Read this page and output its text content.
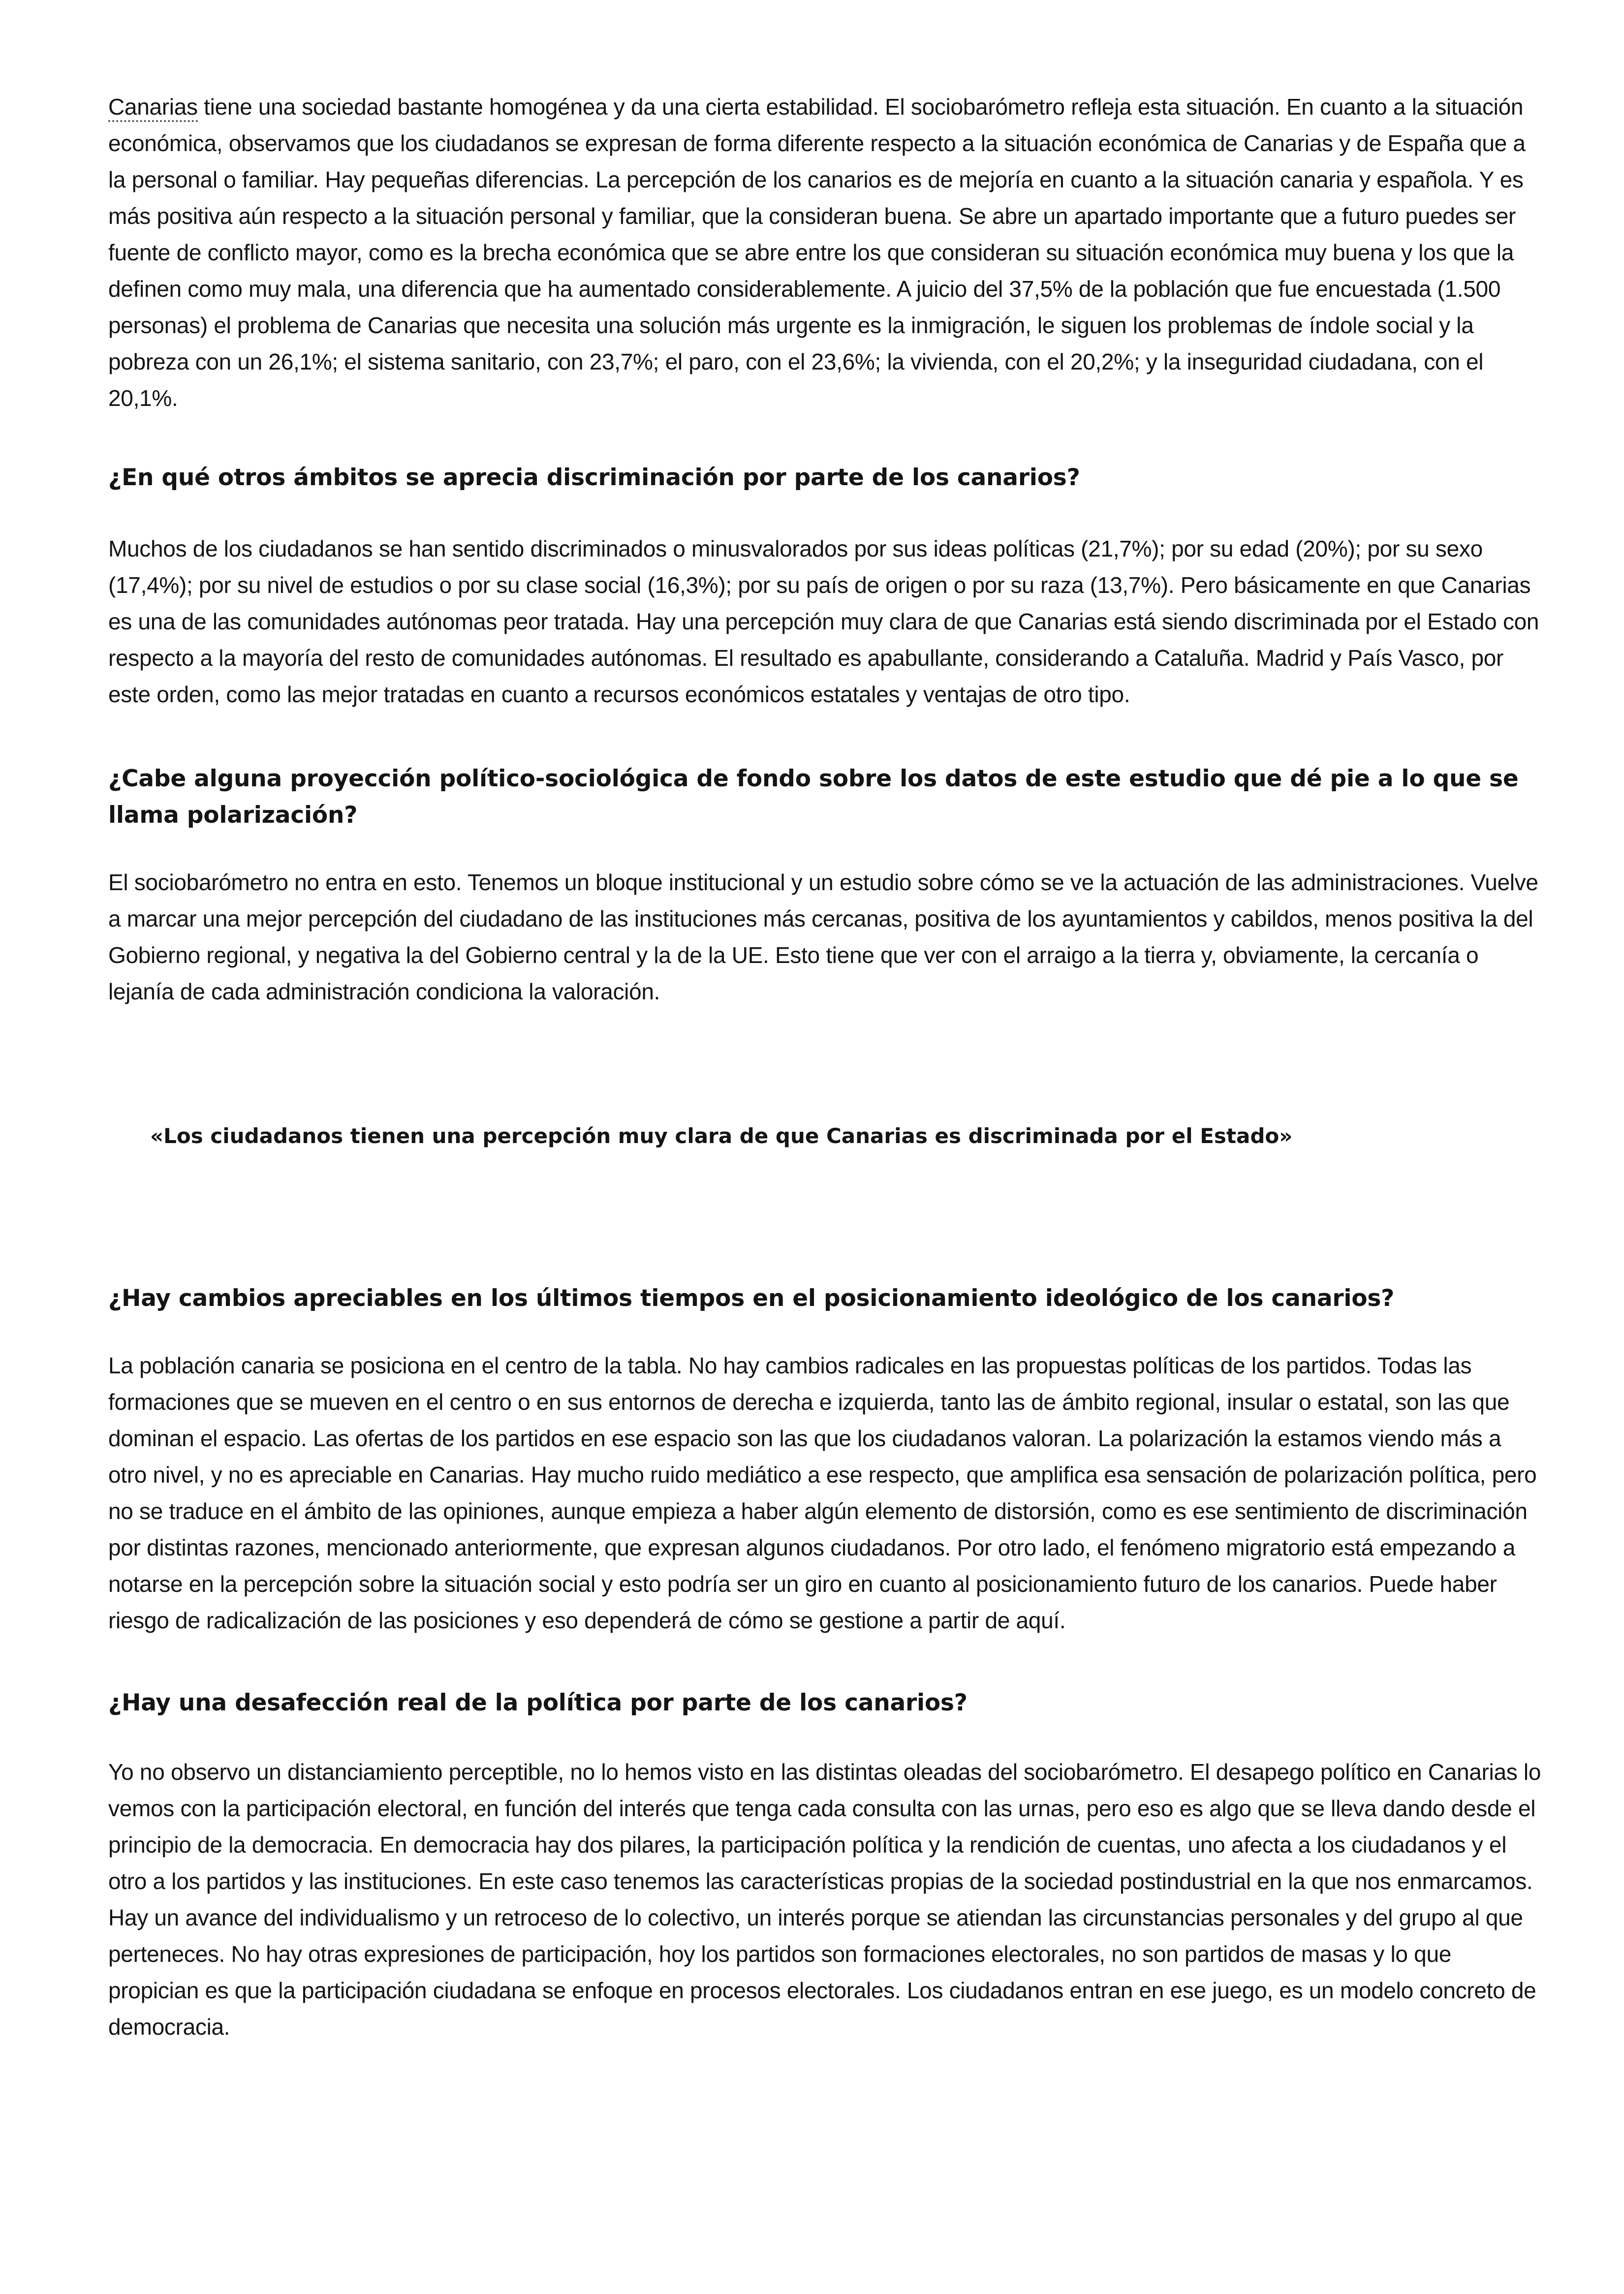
Canarias tiene una sociedad bastante homogénea y da una cierta estabilidad. El sociobarómetro refleja esta situación. En cuanto a la situación económica, observamos que los ciudadanos se expresan de forma diferente respecto a la situación económica de Canarias y de España que a la personal o familiar. Hay pequeñas diferencias. La percepción de los canarios es de mejoría en cuanto a la situación canaria y española. Y es más positiva aún respecto a la situación personal y familiar, que la consideran buena. Se abre un apartado importante que a futuro puedes ser fuente de conflicto mayor, como es la brecha económica que se abre entre los que consideran su situación económica muy buena y los que la definen como muy mala, una diferencia que ha aumentado considerablemente. A juicio del 37,5% de la población que fue encuestada (1.500 personas) el problema de Canarias que necesita una solución más urgente es la inmigración, le siguen los problemas de índole social y la pobreza con un 26,1%; el sistema sanitario, con 23,7%; el paro, con el 23,6%; la vivienda, con el 20,2%; y la inseguridad ciudadana, con el 20,1%.

¿En qué otros ámbitos se aprecia discriminación por parte de los canarios?

Muchos de los ciudadanos se han sentido discriminados o minusvalorados por sus ideas políticas (21,7%); por su edad (20%); por su sexo (17,4%); por su nivel de estudios o por su clase social (16,3%); por su país de origen o por su raza (13,7%). Pero básicamente en que Canarias es una de las comunidades autónomas peor tratada. Hay una percepción muy clara de que Canarias está siendo discriminada por el Estado con respecto a la mayoría del resto de comunidades autónomas. El resultado es apabullante, considerando a Cataluña. Madrid y País Vasco, por este orden, como las mejor tratadas en cuanto a recursos económicos estatales y ventajas de otro tipo.

¿Cabe alguna proyección político-sociológica de fondo sobre los datos de este estudio que dé pie a lo que se llama polarización?

El sociobarómetro no entra en esto. Tenemos un bloque institucional y un estudio sobre cómo se ve la actuación de las administraciones. Vuelve a marcar una mejor percepción del ciudadano de las instituciones más cercanas, positiva de los ayuntamientos y cabildos, menos positiva la del Gobierno regional, y negativa la del Gobierno central y la de la UE. Esto tiene que ver con el arraigo a la tierra y, obviamente, la cercanía o lejanía de cada administración condiciona la valoración.

«Los ciudadanos tienen una percepción muy clara de que Canarias es discriminada por el Estado»
¿Hay cambios apreciables en los últimos tiempos en el posicionamiento ideológico de los canarios?

La población canaria se posiciona en el centro de la tabla. No hay cambios radicales en las propuestas políticas de los partidos. Todas las formaciones que se mueven en el centro o en sus entornos de derecha e izquierda, tanto las de ámbito regional, insular o estatal, son las que dominan el espacio. Las ofertas de los partidos en ese espacio son las que los ciudadanos valoran. La polarización la estamos viendo más a otro nivel, y no es apreciable en Canarias. Hay mucho ruido mediático a ese respecto, que amplifica esa sensación de polarización política, pero no se traduce en el ámbito de las opiniones, aunque empieza a haber algún elemento de distorsión, como es ese sentimiento de discriminación por distintas razones, mencionado anteriormente, que expresan algunos ciudadanos. Por otro lado, el fenómeno migratorio está empezando a notarse en la percepción sobre la situación social y esto podría ser un giro en cuanto al posicionamiento futuro de los canarios. Puede haber riesgo de radicalización de las posiciones y eso dependerá de cómo se gestione a partir de aquí.

¿Hay una desafección real de la política por parte de los canarios?

Yo no observo un distanciamiento perceptible, no lo hemos visto en las distintas oleadas del sociobarómetro. El desapego político en Canarias lo vemos con la participación electoral, en función del interés que tenga cada consulta con las urnas, pero eso es algo que se lleva dando desde el principio de la democracia. En democracia hay dos pilares, la participación política y la rendición de cuentas, uno afecta a los ciudadanos y el otro a los partidos y las instituciones. En este caso tenemos las características propias de la sociedad postindustrial en la que nos enmarcamos. Hay un avance del individualismo y un retroceso de lo colectivo, un interés porque se atiendan las circunstancias personales y del grupo al que perteneces. No hay otras expresiones de participación, hoy los partidos son formaciones electorales, no son partidos de masas y lo que propician es que la participación ciudadana se enfoque en procesos electorales. Los ciudadanos entran en ese juego, es un modelo concreto de democracia.
